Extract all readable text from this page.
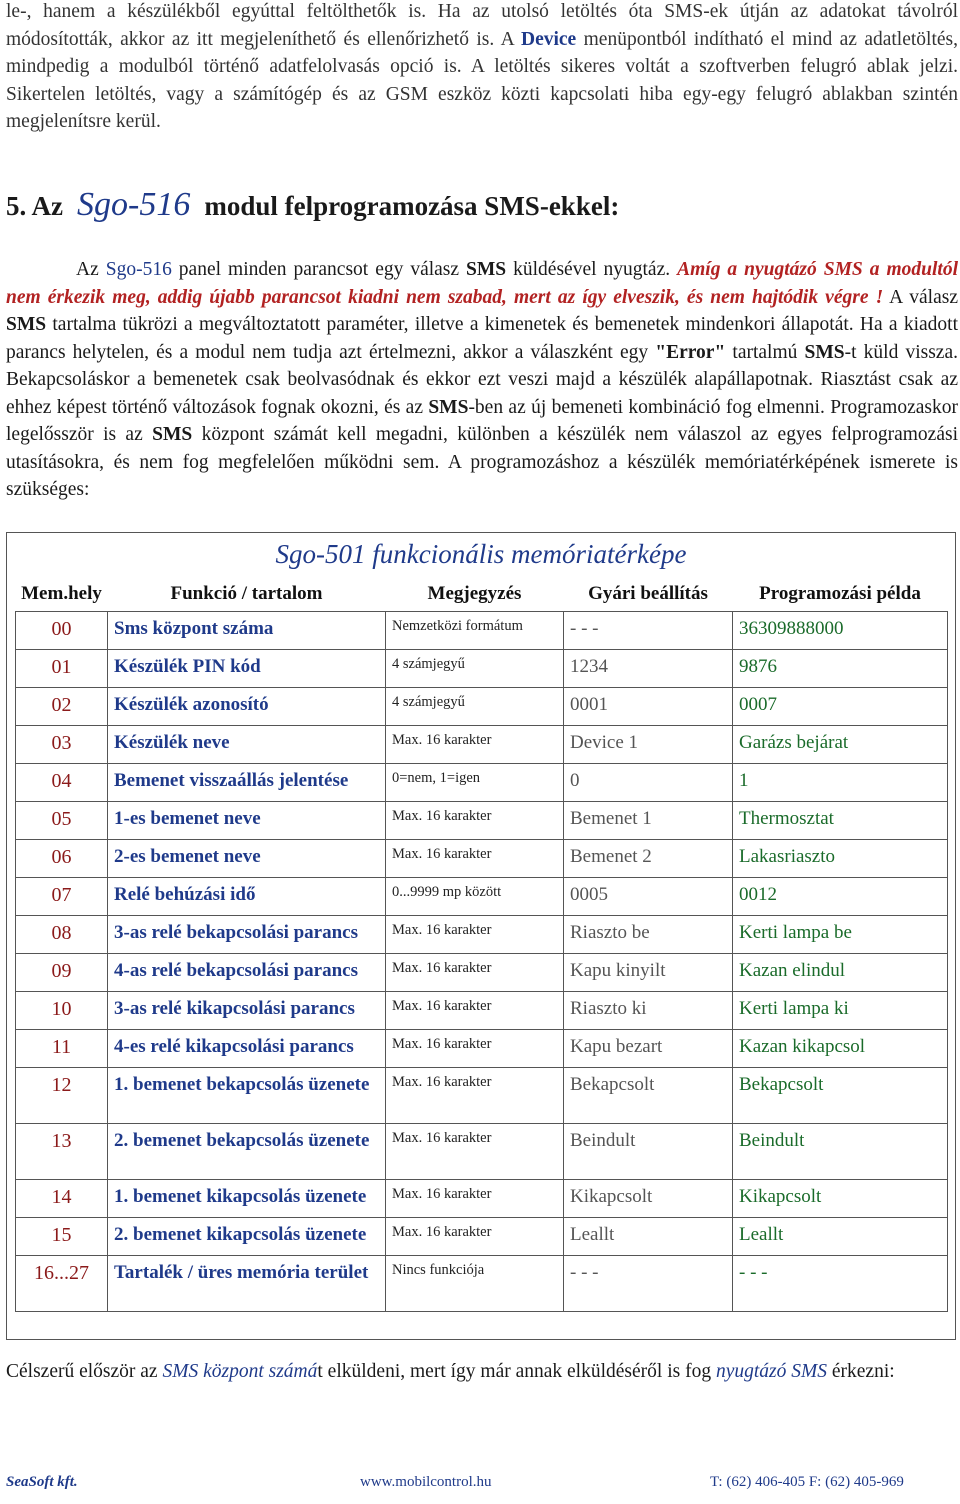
le-, hanem a készülékből egyúttal feltölthetők is. Ha az utolsó letöltés óta SMS-ek útján az adatokat távolról módosították, akkor az itt megjeleníthető és ellenőrizhető is. A Device menüpontból indítható el mind az adatletöltés, mindpedig a modulból történő adatfelolvasás opció is. A letöltés sikeres voltát a szoftverben felugró ablak jelzi. Sikertelen letöltés, vagy a számítógép és az GSM eszköz közti kapcsolati hiba egy-egy felugró ablakban szintén megjelenítsre kerül.
5. Az Sgo-516 modul felprogramozása SMS-ekkel:
Az Sgo-516 panel minden parancsot egy válasz SMS küldésével nyugtáz. Amíg a nyugtázó SMS a modultól nem érkezik meg, addig újabb parancsot kiadni nem szabad, mert az így elveszik, és nem hajtódik végre ! A válasz SMS tartalma tükrözi a megváltoztatott paraméter, illetve a kimenetek és bemenetek mindenkori állapotát. Ha a kiadott parancs helytelen, és a modul nem tudja azt értelmezni, akkor a válaszként egy "Error" tartalmú SMS-t küld vissza. Bekapcsoláskor a bemenetek csak beolvasódnak és ekkor ezt veszi majd a készülék alapállapotnak. Riasztást csak az ehhez képest történő változások fognak okozni, és az SMS-ben az új bemeneti kombináció fog elmenni. Programozaskor legelősször is az SMS központ számát kell megadni, különben a készülék nem válaszol az egyes felprogramozási utasításokra, és nem fog megfelelően működni sem. A programozáshoz a készülék memóriatérképének ismerete is szükséges:
Sgo-501 funkcionális memóriatérképe
Mem.hely	Funkció / tartalom	Megjegyzés	Gyári beállítás	Programozási példa
00	Sms központ száma	Nemzetközi formátum	- - -	36309888000
01	Készülék PIN kód	4 számjegyű	1234	9876
02	Készülék azonosító	4 számjegyű	0001	0007
03	Készülék neve	Max. 16 karakter	Device 1	Garázs bejárat
04	Bemenet visszaállás jelentése	0=nem, 1=igen	0	1
05	1-es bemenet neve	Max. 16 karakter	Bemenet 1	Thermosztat
06	2-es bemenet neve	Max. 16 karakter	Bemenet 2	Lakasriaszto
07	Relé behúzási idő	0...9999 mp között	0005	0012
08	3-as relé bekapcsolási parancs	Max. 16 karakter	Riaszto be	Kerti lampa be
09	4-as relé bekapcsolási parancs	Max. 16 karakter	Kapu kinyilt	Kazan elindul
10	3-as relé kikapcsolási parancs	Max. 16 karakter	Riaszto ki	Kerti lampa ki
11	4-es relé kikapcsolási parancs	Max. 16 karakter	Kapu bezart	Kazan kikapcsol
12	1. bemenet bekapcsolás üzenete	Max. 16 karakter	Bekapcsolt	Bekapcsolt
13	2. bemenet bekapcsolás üzenete	Max. 16 karakter	Beindult	Beindult
14	1. bemenet kikapcsolás üzenete	Max. 16 karakter	Kikapcsolt	Kikapcsolt
15	2. bemenet kikapcsolás üzenete	Max. 16 karakter	Leallt	Leallt
16...27	Tartalék / üres memória terület	Nincs funkciója	- - -	- - -
Célszerű először az SMS központ számát elküldeni, mert így már annak elküldéséről is fog nyugtázó SMS érkezni:
SeaSoft kft.	www.mobilcontrol.hu	T: (62) 406-405 F: (62) 405-969
